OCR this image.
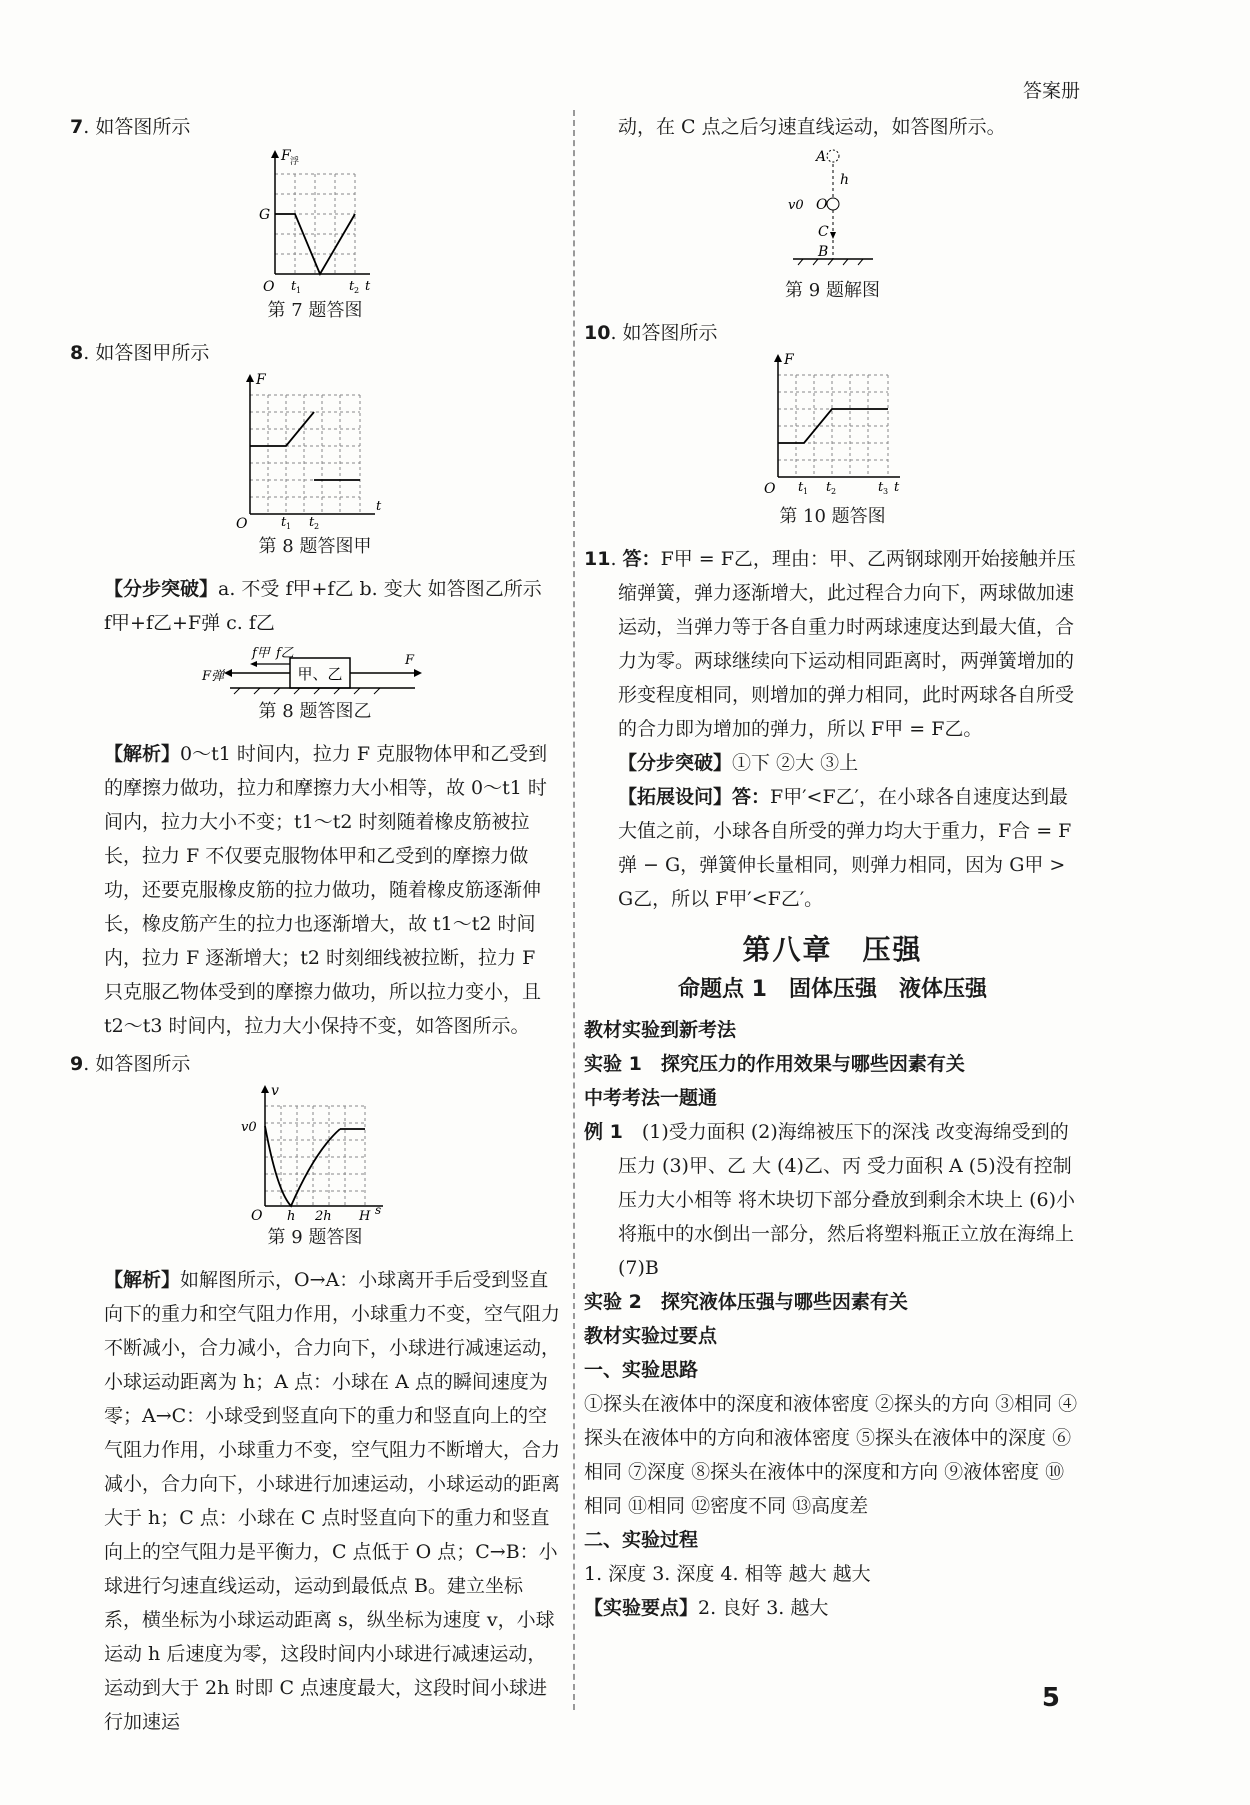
答案册

7. 如答图所示

F 浮
G
O t 1	t 2 t
第 7 题答图

8. 如答图甲所示

F
O	t 1 t 2
t
第 8 题答图甲

【分步突破】a. 不受 f甲+f乙 b. 变大 如答图乙所示

f甲+f乙+F弹 c. f乙

甲、乙
f甲 f乙
F弹
F
第 8 题答图乙

【解析】0～t1 时间内，拉力 F 克服物体甲和乙受到的摩擦力做功，拉力和摩擦力大小相等，故 0～t1 时间内，拉力大小不变；t1～t2 时刻随着橡皮筋被拉长，拉力 F 不仅要克服物体甲和乙受到的摩擦力做功，还要克服橡皮筋的拉力做功，随着橡皮筋逐渐伸长，橡皮筋产生的拉力也逐渐增大，故 t1～t2 时间内，拉力 F 逐渐增大；t2 时刻细线被拉断，拉力 F 只克服乙物体受到的摩擦力做功，所以拉力变小，且 t2～t3 时间内，拉力大小保持不变，如答图所示。

9. 如答图所示

v
v0
O h 2h H s
第 9 题答图

【解析】如解图所示，O→A：小球离开手后受到竖直向下的重力和空气阻力作用，小球重力不变，空气阻力不断减小，合力减小，合力向下，小球进行减速运动，小球运动距离为 h；A 点：小球在 A 点的瞬间速度为零；A→C：小球受到竖直向下的重力和竖直向上的空气阻力作用，小球重力不变，空气阻力不断增大，合力减小，合力向下，小球进行加速运动，小球运动的距离大于 h；C 点：小球在 C 点时竖直向下的重力和竖直向上的空气阻力是平衡力，C 点低于 O 点；C→B：小球进行匀速直线运动，运动到最低点 B。建立坐标系，横坐标为小球运动距离 s，纵坐标为速度 v，小球运动 h 后速度为零，这段时间内小球进行减速运动，运动到大于 2h 时即 C 点速度最大，这段时间小球进行加速运

动，在 C 点之后匀速直线运动，如答图所示。

A
h
v0 O
C
B
第 9 题解图

10. 如答图所示

F
O t 1 t 2	t 3 t
第 10 题答图

11. 答：F甲 = F乙，理由：甲、乙两钢球刚开始接触并压缩弹簧，弹力逐渐增大，此过程合力向下，两球做加速运动，当弹力等于各自重力时两球速度达到最大值，合力为零。两球继续向下运动相同距离时，两弹簧增加的形变程度相同，则增加的弹力相同，此时两球各自所受的合力即为增加的弹力，所以 F甲 = F乙。

【分步突破】①下 ②大 ③上

【拓展设问】答：F甲′<F乙′，在小球各自速度达到最大值之前，小球各自所受的弹力均大于重力，F合 = F弹 − G，弹簧伸长量相同，则弹力相同，因为 G甲 > G乙，所以 F甲′<F乙′。

第八章　压强
命题点 1　固体压强　液体压强

教材实验到新考法

实验 1　探究压力的作用效果与哪些因素有关

中考考法一题通

例 1　 (1)受力面积 (2)海绵被压下的深浅 改变海绵受到的压力 (3)甲、乙 大 (4)乙、丙 受力面积 A (5)没有控制压力大小相等 将木块切下部分叠放到剩余木块上 (6)小 将瓶中的水倒出一部分，然后将塑料瓶正立放在海绵上 (7)B

实验 2　探究液体压强与哪些因素有关

教材实验过要点

一、实验思路

①探头在液体中的深度和液体密度 ②探头的方向 ③相同 ④探头在液体中的方向和液体密度 ⑤探头在液体中的深度 ⑥相同 ⑦深度 ⑧探头在液体中的深度和方向 ⑨液体密度 ⑩相同 ⑪相同 ⑫密度不同 ⑬高度差

二、实验过程

1. 深度 3. 深度 4. 相等 越大 越大

【实验要点】2. 良好 3. 越大

5
